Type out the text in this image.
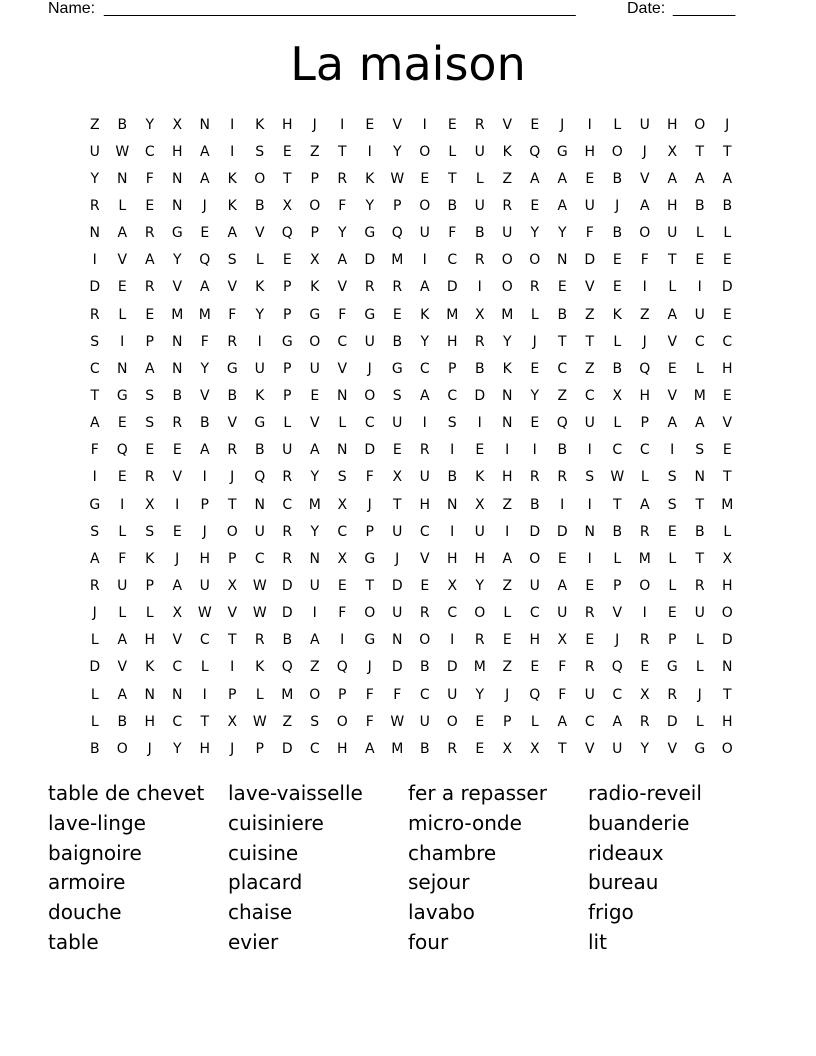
Name: _____________________________________________________	Date: _______
La maison
Z	B	Y	X	N	I	K	H	J	I	E	V	I	E	R	V	E	J	I	L	U	H	O	J
U	W	C	H	A	I	S	E	Z	T	I	Y	O	L	U	K	Q	G	H	O	J	X	T	T
Y	N	F	N	A	K	O	T	P	R	K	W	E	T	L	Z	A	A	E	B	V	A	A	A
R	L	E	N	J	K	B	X	O	F	Y	P	O	B	U	R	E	A	U	J	A	H	B	B
N	A	R	G	E	A	V	Q	P	Y	G	Q	U	F	B	U	Y	Y	F	B	O	U	L	L
I	V	A	Y	Q	S	L	E	X	A	D	M	I	C	R	O	O	N	D	E	F	T	E	E
D	E	R	V	A	V	K	P	K	V	R	R	A	D	I	O	R	E	V	E	I	L	I	D
R	L	E	M	M	F	Y	P	G	F	G	E	K	M	X	M	L	B	Z	K	Z	A	U	E
S	I	P	N	F	R	I	G	O	C	U	B	Y	H	R	Y	J	T	T	L	J	V	C	C
C	N	A	N	Y	G	U	P	U	V	J	G	C	P	B	K	E	C	Z	B	Q	E	L	H
T	G	S	B	V	B	K	P	E	N	O	S	A	C	D	N	Y	Z	C	X	H	V	M	E
A	E	S	R	B	V	G	L	V	L	C	U	I	S	I	N	E	Q	U	L	P	A	A	V
F	Q	E	E	A	R	B	U	A	N	D	E	R	I	E	I	I	B	I	C	C	I	S	E
I	E	R	V	I	J	Q	R	Y	S	F	X	U	B	K	H	R	R	S	W	L	S	N	T
G	I	X	I	P	T	N	C	M	X	J	T	H	N	X	Z	B	I	I	T	A	S	T	M
S	L	S	E	J	O	U	R	Y	C	P	U	C	I	U	I	D	D	N	B	R	E	B	L
A	F	K	J	H	P	C	R	N	X	G	J	V	H	H	A	O	E	I	L	M	L	T	X
R	U	P	A	U	X	W	D	U	E	T	D	E	X	Y	Z	U	A	E	P	O	L	R	H
J	L	L	X	W	V	W	D	I	F	O	U	R	C	O	L	C	U	R	V	I	E	U	O
L	A	H	V	C	T	R	B	A	I	G	N	O	I	R	E	H	X	E	J	R	P	L	D
D	V	K	C	L	I	K	Q	Z	Q	J	D	B	D	M	Z	E	F	R	Q	E	G	L	N
L	A	N	N	I	P	L	M	O	P	F	F	C	U	Y	J	Q	F	U	C	X	R	J	T
L	B	H	C	T	X	W	Z	S	O	F	W	U	O	E	P	L	A	C	A	R	D	L	H
B	O	J	Y	H	J	P	D	C	H	A	M	B	R	E	X	X	T	V	U	Y	V	G	O
table de chevet	lave-vaisselle	fer a repasser	radio-reveil
lave-linge	cuisiniere	micro-onde	buanderie
baignoire	cuisine	chambre	rideaux
armoire	placard	sejour	bureau
douche	chaise	lavabo	frigo
table	evier	four	lit
